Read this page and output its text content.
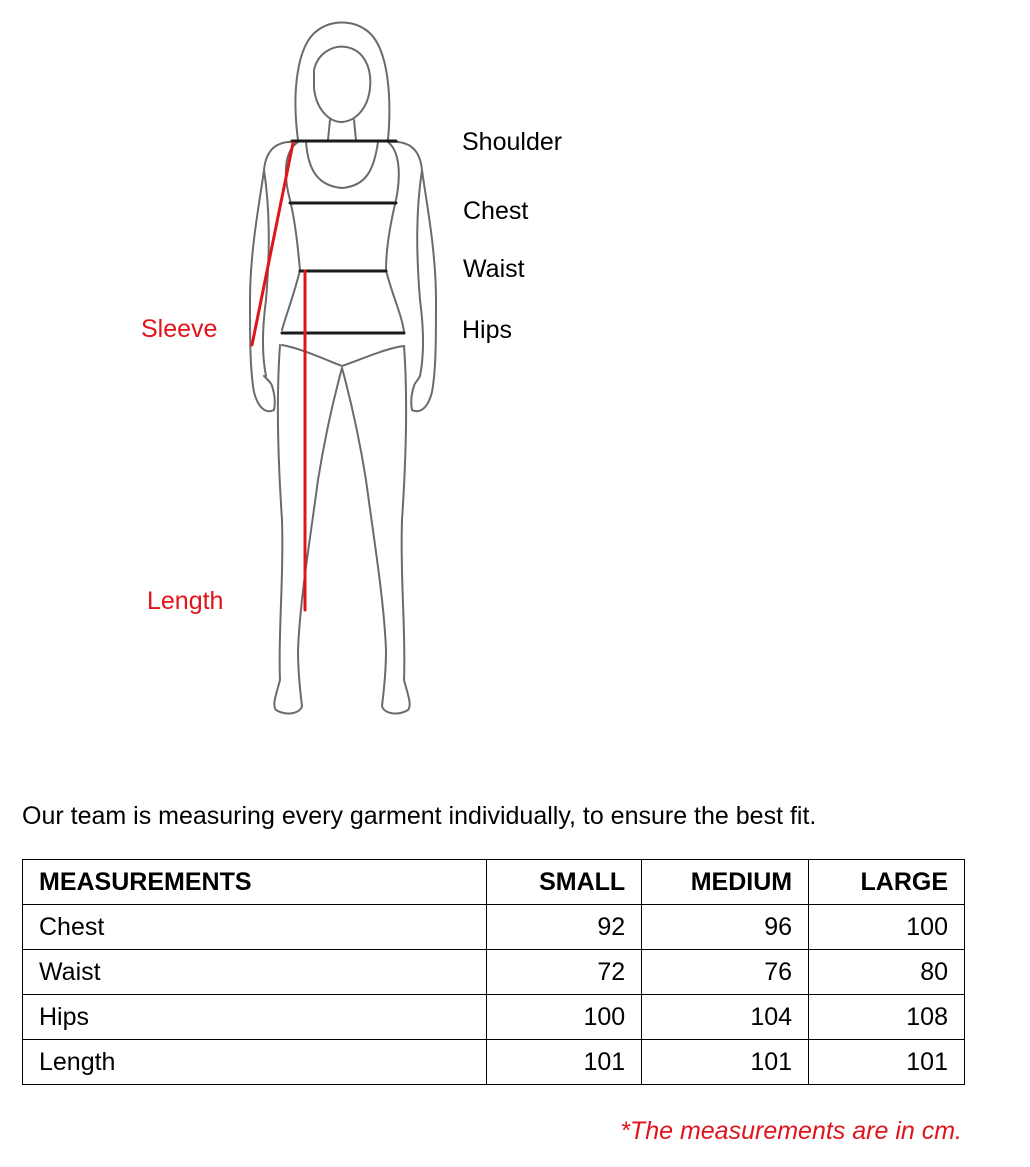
Shoulder
Chest
Waist
Hips
Sleeve
Length

Our team is measuring every garment individually, to ensure the best fit.

MEASUREMENTS	SMALL	MEDIUM	LARGE
Chest	92	96	100
Waist	72	76	80
Hips	100	104	108
Length	101	101	101

*The measurements are in cm.
